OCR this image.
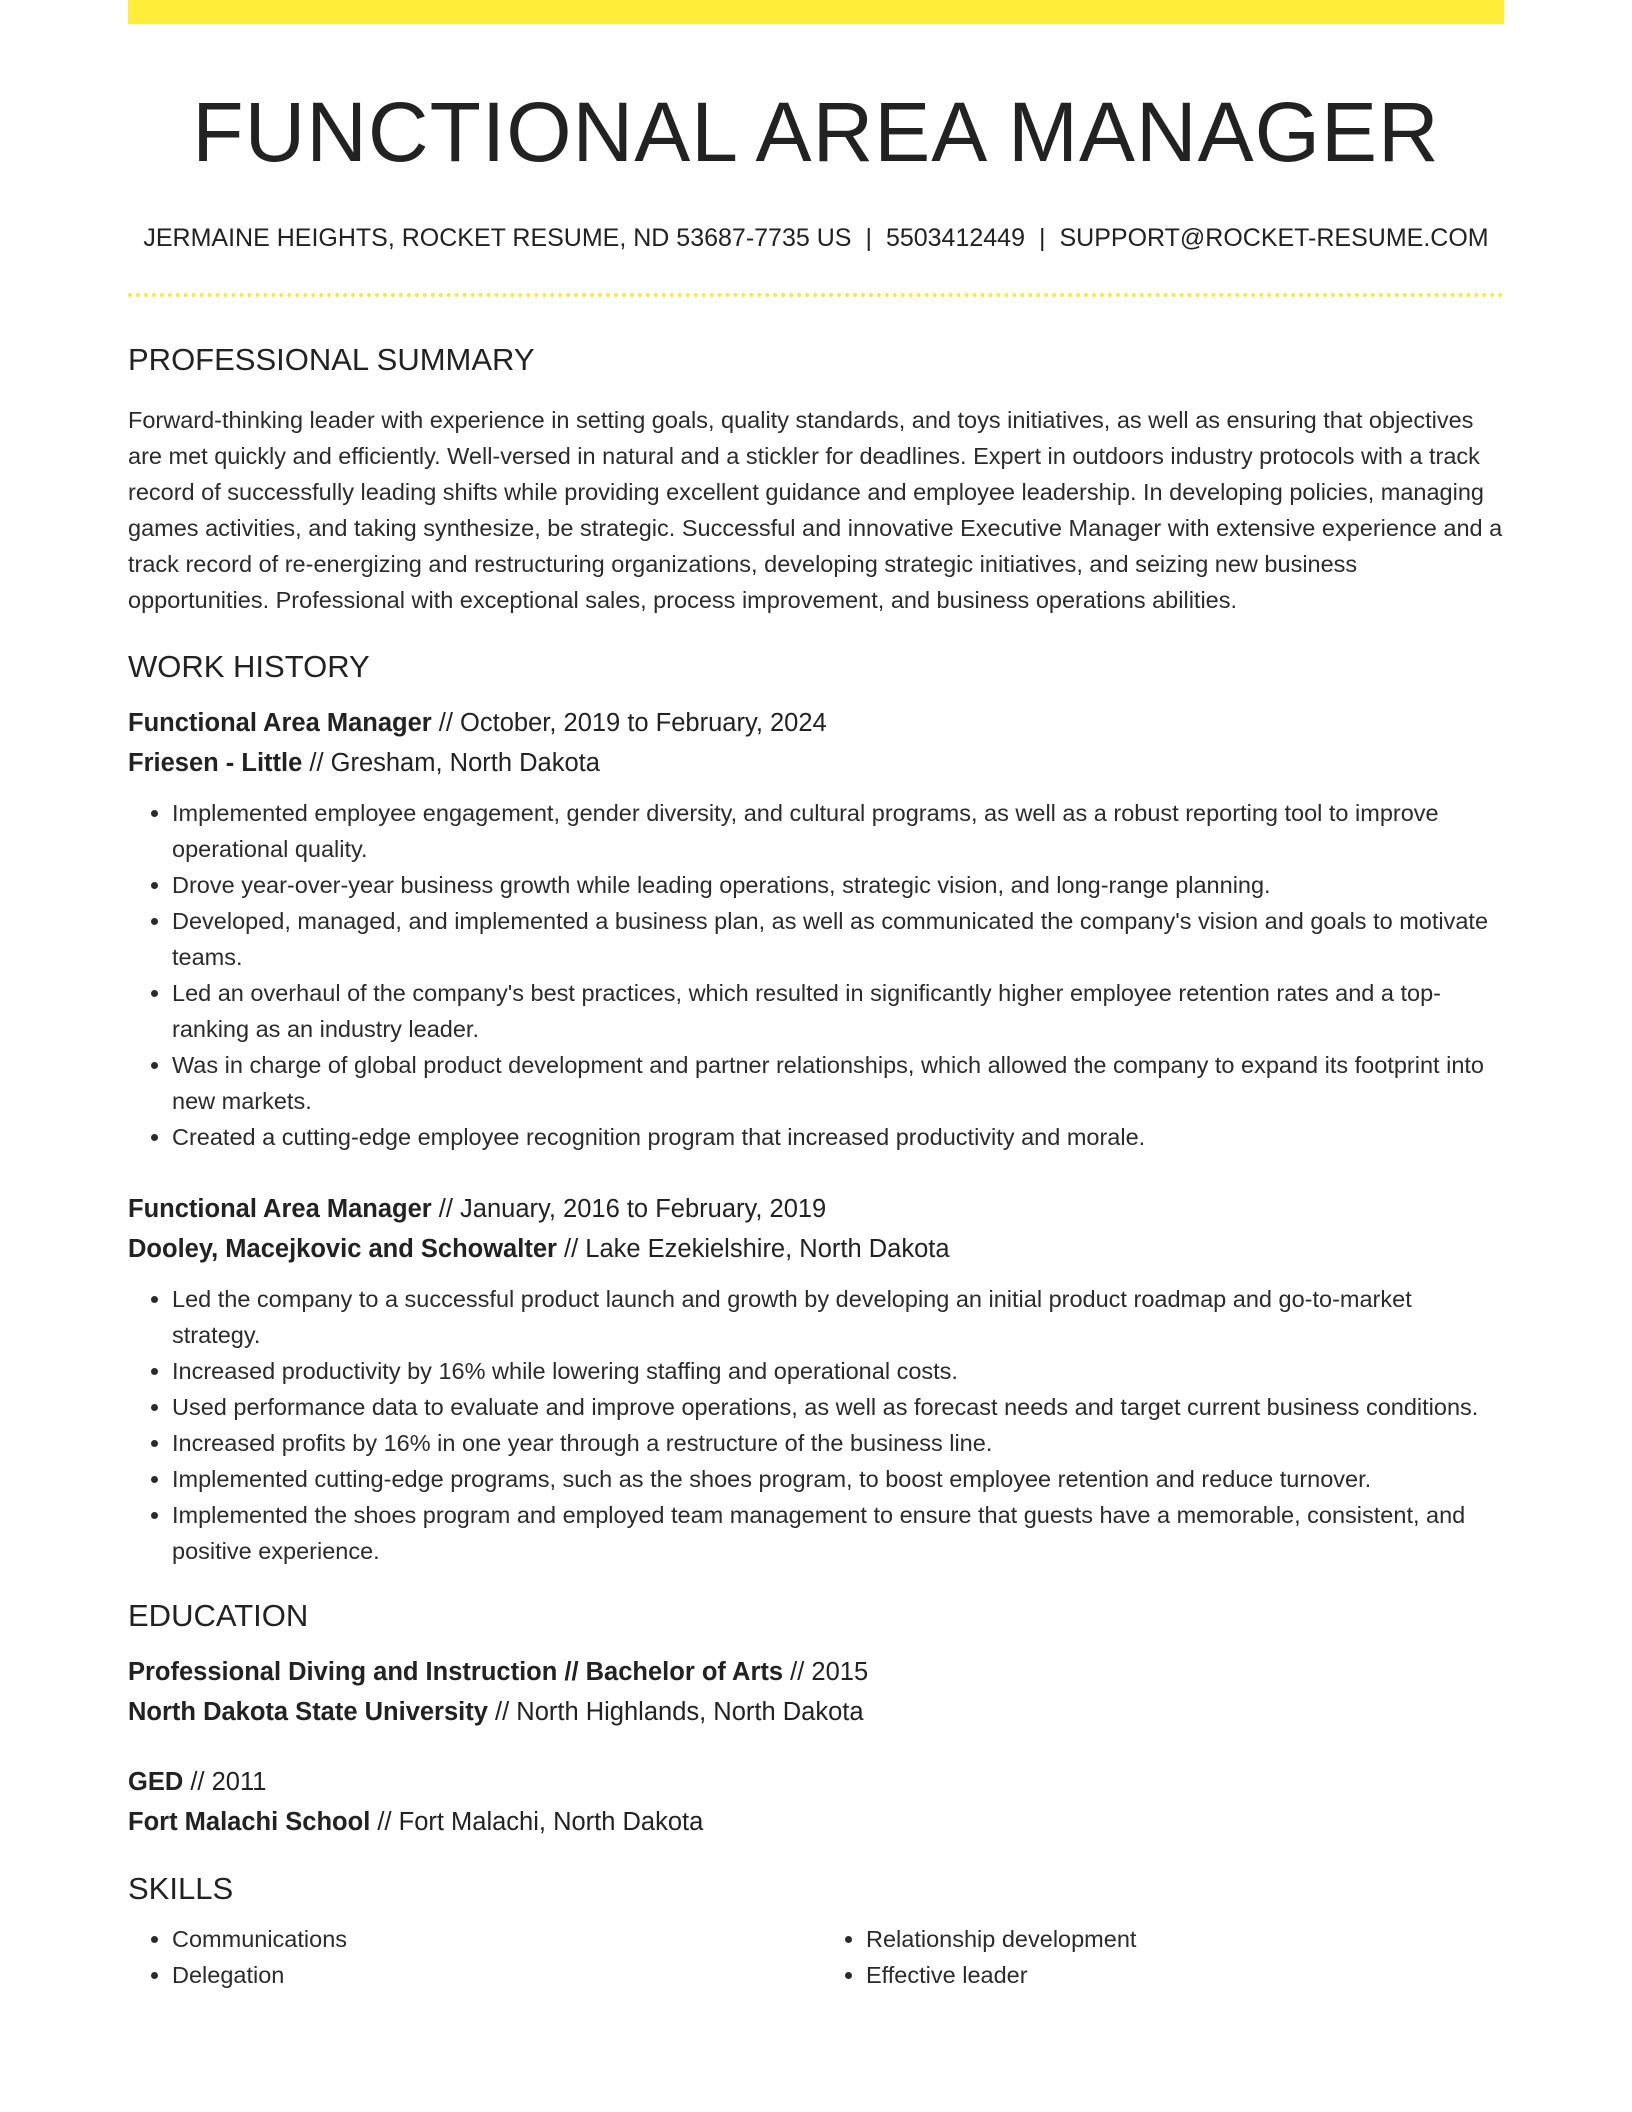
FUNCTIONAL AREA MANAGER
JERMAINE HEIGHTS, ROCKET RESUME, ND 53687-7735 US | 5503412449 | SUPPORT@ROCKET-RESUME.COM
PROFESSIONAL SUMMARY

Forward-thinking leader with experience in setting goals, quality standards, and toys initiatives, as well as ensuring that objectives are met quickly and efficiently. Well-versed in natural and a stickler for deadlines. Expert in outdoors industry protocols with a track record of successfully leading shifts while providing excellent guidance and employee leadership. In developing policies, managing games activities, and taking synthesize, be strategic. Successful and innovative Executive Manager with extensive experience and a track record of re-energizing and restructuring organizations, developing strategic initiatives, and seizing new business opportunities. Professional with exceptional sales, process improvement, and business operations abilities.

WORK HISTORY
Functional Area Manager // October, 2019 to February, 2024
Friesen - Little // Gresham, North Dakota
• Implemented employee engagement, gender diversity, and cultural programs, as well as a robust reporting tool to improve operational quality.
• Drove year-over-year business growth while leading operations, strategic vision, and long-range planning.
• Developed, managed, and implemented a business plan, as well as communicated the company's vision and goals to motivate teams.
• Led an overhaul of the company's best practices, which resulted in significantly higher employee retention rates and a top-ranking as an industry leader.
• Was in charge of global product development and partner relationships, which allowed the company to expand its footprint into new markets.
• Created a cutting-edge employee recognition program that increased productivity and morale.
Functional Area Manager // January, 2016 to February, 2019
Dooley, Macejkovic and Schowalter // Lake Ezekielshire, North Dakota
• Led the company to a successful product launch and growth by developing an initial product roadmap and go-to-market strategy.
• Increased productivity by 16% while lowering staffing and operational costs.
• Used performance data to evaluate and improve operations, as well as forecast needs and target current business conditions.
• Increased profits by 16% in one year through a restructure of the business line.
• Implemented cutting-edge programs, such as the shoes program, to boost employee retention and reduce turnover.
• Implemented the shoes program and employed team management to ensure that guests have a memorable, consistent, and positive experience.
EDUCATION
Professional Diving and Instruction // Bachelor of Arts // 2015
North Dakota State University // North Highlands, North Dakota
GED // 2011
Fort Malachi School // Fort Malachi, North Dakota
SKILLS
• Communications
• Delegation
• Relationship development
• Effective leader
